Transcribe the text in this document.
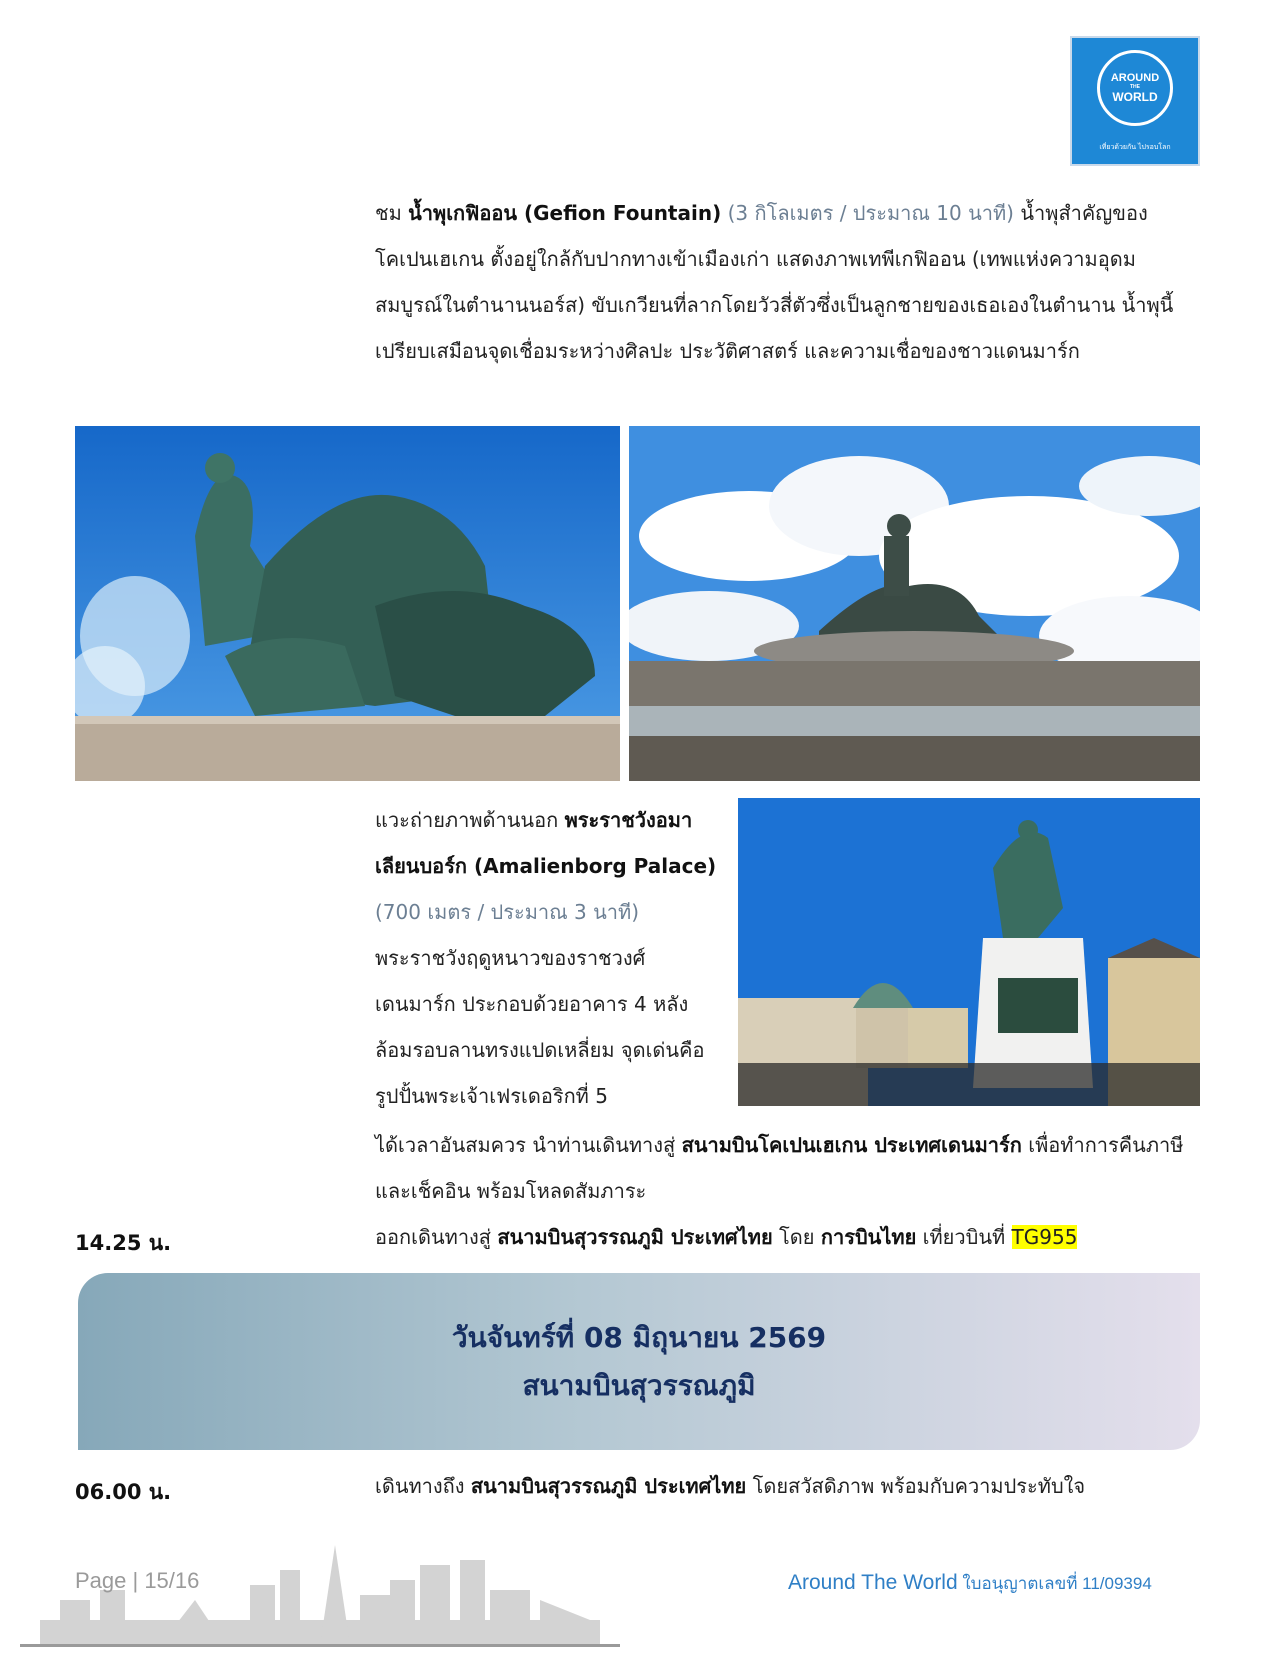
AROUND
THE
WORLD
เที่ยวด้วยกัน ไปรอบโลก
ชม น้ำพุเกฟิออน (Gefion Fountain) (3 กิโลเมตร / ประมาณ 10 นาที) น้ำพุสำคัญของโคเปนเฮเกน ตั้งอยู่ใกล้กับปากทางเข้าเมืองเก่า แสดงภาพเทพีเกฟิออน (เทพแห่งความอุดมสมบูรณ์ในตำนานนอร์ส) ขับเกวียนที่ลากโดยวัวสี่ตัวซึ่งเป็นลูกชายของเธอเองในตำนาน น้ำพุนี้เปรียบเสมือนจุดเชื่อมระหว่างศิลปะ ประวัติศาสตร์ และความเชื่อของชาวแดนมาร์ก
แวะถ่ายภาพด้านนอก พระราชวังอมาเลียนบอร์ก (Amalienborg Palace) (700 เมตร / ประมาณ 3 นาที) พระราชวังฤดูหนาวของราชวงศ์เดนมาร์ก ประกอบด้วยอาคาร 4 หลัง ล้อมรอบลานทรงแปดเหลี่ยม จุดเด่นคือรูปปั้นพระเจ้าเฟรเดอริกที่ 5
ได้เวลาอันสมควร นำท่านเดินทางสู่ สนามบินโคเปนเฮเกน ประเทศเดนมาร์ก เพื่อทำการคืนภาษี และเช็คอิน พร้อมโหลดสัมภาระ
14.25 น.	ออกเดินทางสู่ สนามบินสุวรรณภูมิ ประเทศไทย โดย การบินไทย เที่ยวบินที่ TG955
วันจันทร์ที่ 08 มิถุนายน 2569
สนามบินสุวรรณภูมิ
06.00 น.	เดินทางถึง สนามบินสุวรรณภูมิ ประเทศไทย โดยสวัสดิภาพ พร้อมกับความประทับใจ
Page | 15/16	Around The World ใบอนุญาตเลขที่ 11/09394
